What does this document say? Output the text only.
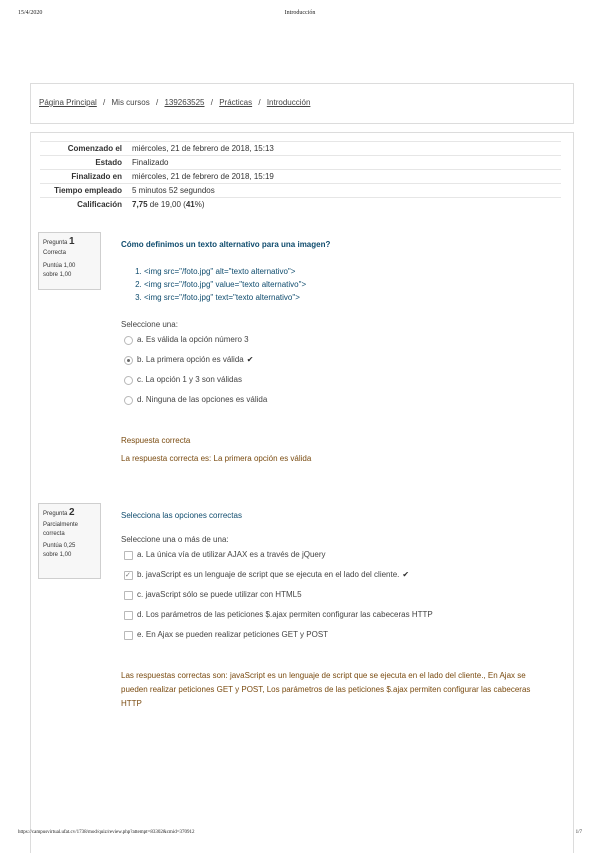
15/4/2020	Introducción
Página Principal / Mis cursos / 139263525 / Prácticas / Introducción
Comenzado el	miércoles, 21 de febrero de 2018, 15:13
Estado	Finalizado
Finalizado en	miércoles, 21 de febrero de 2018, 15:19
Tiempo empleado	5 minutos 52 segundos
Calificación	7,75 de 19,00 (41%)
Pregunta 1
Correcta
Puntúa 1,00
sobre 1,00
Cómo definimos un texto alternativo para una imagen?
1. <img src="/foto.jpg" alt="texto alternativo">
2. <img src="/foto.jpg" value="texto alternativo">
3. <img src="/foto.jpg" text="texto alternativo">
Seleccione una:
a. Es válida la opción número 3
b. La primera opción es válida ✔
c. La opción 1 y 3 son válidas
d. Ninguna de las opciones es válida
Respuesta correcta
La respuesta correcta es: La primera opción es válida
Pregunta 2
Parcialmente
correcta
Puntúa 0,25
sobre 1,00
Selecciona las opciones correctas
Seleccione una o más de una:
a. La única vía de utilizar AJAX es a través de jQuery
✓
b. javaScript es un lenguaje de script que se ejecuta en el lado del cliente. ✔
c. javaScript sólo se puede utilizar con HTML5
d. Los parámetros de las peticiones $.ajax permiten configurar las cabeceras HTTP
e. En Ajax se pueden realizar peticiones GET y POST
Las respuestas correctas son: javaScript es un lenguaje de script que se ejecuta en el lado del cliente., En Ajax se pueden realizar peticiones GET y POST, Los parámetros de las peticiones $.ajax permiten configurar las cabeceras HTTP
https://campusvirtual.ufat.cv/1738/mod/quiz/review.php?attempt=83302&cmid=370912	1/7
